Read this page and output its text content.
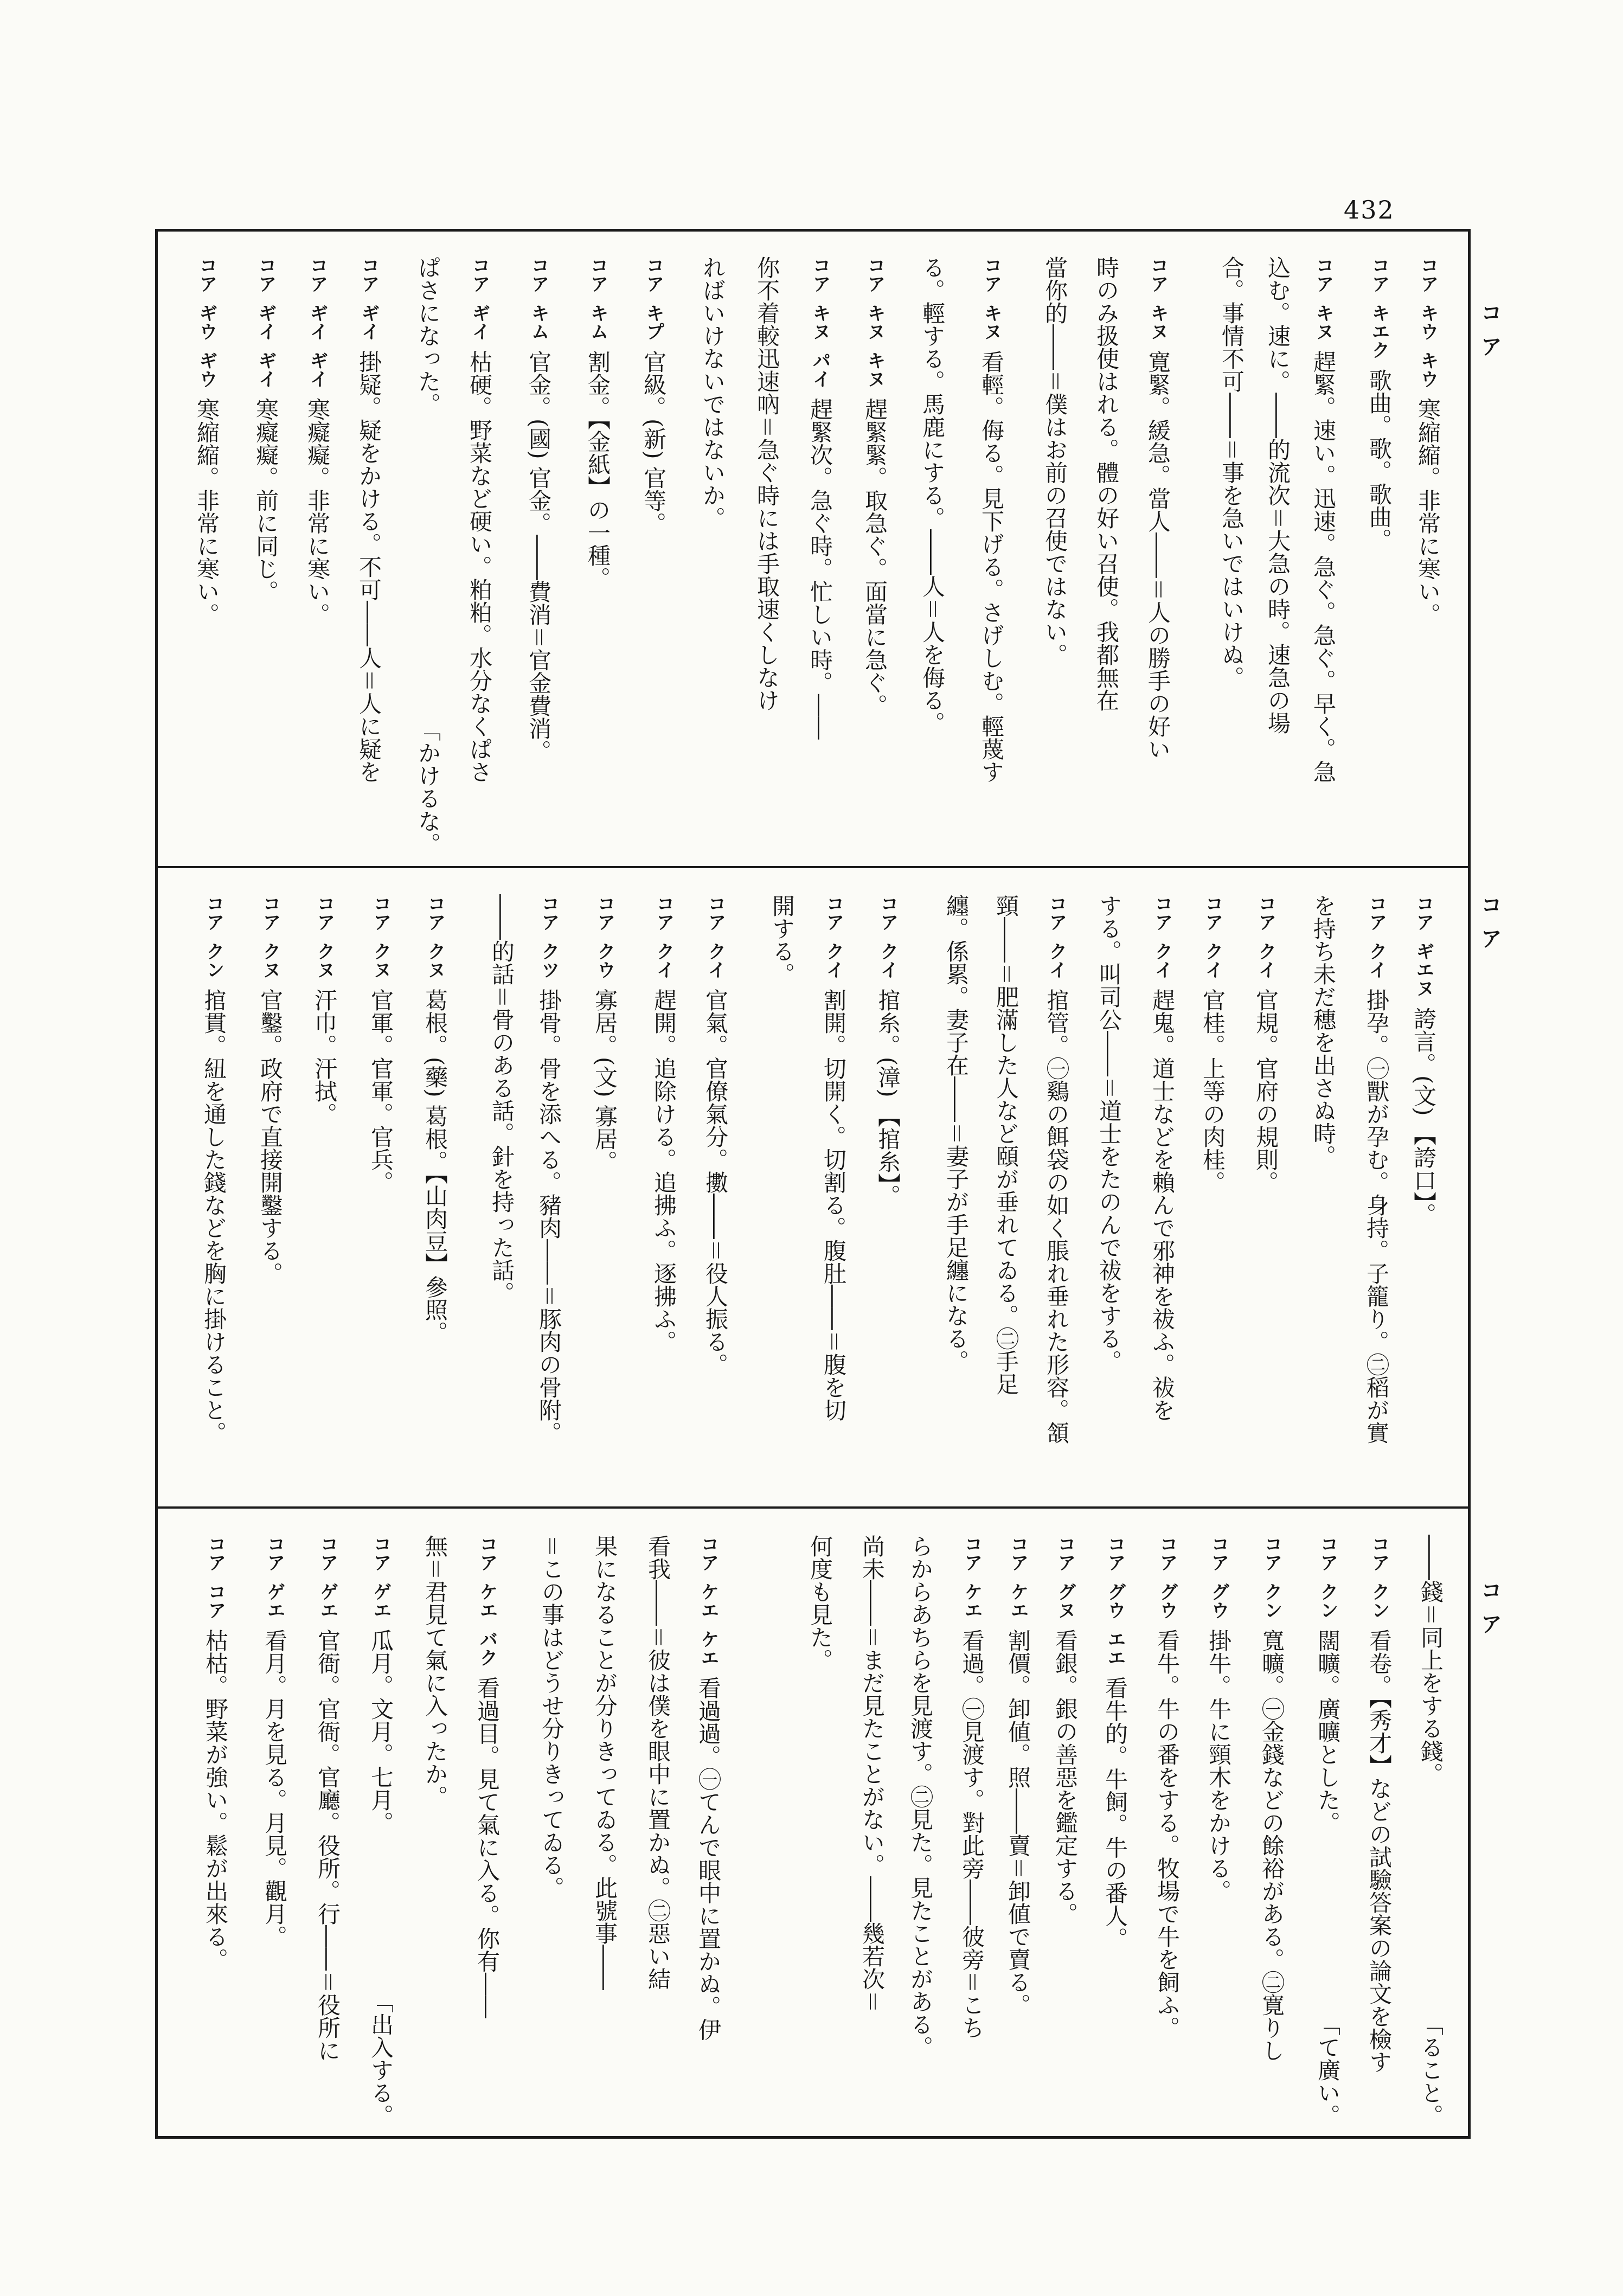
432
コア
コア
コア
コア キウ キウ寒縮縮。非常に寒い。
コア キエク歌曲。歌。歌曲。
コア キヌ趕緊。速い。迅速。急ぐ。急ぐ。早く。急
込む。速に。――的流次＝大急の時。速急の場
合。事情不可――＝事を急いではいけぬ。
コア キヌ寛緊。緩急。當人――＝人の勝手の好い
時のみ扱使はれる。體の好い召使。我都無在
當你的――＝僕はお前の召使ではない。
コア キヌ看輕。侮る。見下げる。さげしむ。輕蔑す
る。輕する。馬鹿にする。――人＝人を侮る。
コア キヌ キヌ趕緊緊。取急ぐ。面當に急ぐ。
コア キヌ パイ趕緊次。急ぐ時。忙しい時。――
你不着較迅速吶＝急ぐ時には手取速くしなけ
ればいけないではないか。
コア キプ官級。(新) 官等。
コア キム割金。【金紙】の一種。
コア キム官金。(國) 官金。――費消＝官金費消。
コア ギイ枯硬。野菜など硬い。粕粕。水分なくぱさ
ぱさになった。
「かけるな。
コア ギイ掛疑。疑をかける。不可――人＝人に疑を
コア ギイ ギイ寒癡癡。非常に寒い。
コア ギイ ギイ寒癡癡。前に同じ。
コア ギウ ギウ寒縮縮。非常に寒い。
コア ギエヌ誇言。(文) 【誇口】。
コア クイ掛孕。㊀獸が孕む。身持。子籠り。㊁稻が實
を持ち未だ穗を出さぬ時。
コア クイ官規。官府の規則。
コア クイ官桂。上等の肉桂。
コア クイ趕鬼。道士などを賴んで邪神を祓ふ。祓を
する。叫司公――＝道士をたのんで祓をする。
コア クイ捾管。㊀鷄の餌袋の如く脹れ垂れた形容。頷
頸――＝肥滿した人など頤が垂れてゐる。㊁手足
纏。係累。妻子在――＝妻子が手足纏になる。
コア クイ捾糸。(漳) 【捾糸】。
コア クイ割開。切開く。切割る。腹肚――＝腹を切
開する。
コア クイ官氣。官僚氣分。擻――＝役人振る。
コア クイ趕開。追除ける。追拂ふ。逐拂ふ。
コア クウ寡居。(文) 寡居。
コア クツ掛骨。骨を添へる。豬肉――＝豚肉の骨附。
――的話＝骨のある話。針を持った話。
コア クヌ葛根。(藥) 葛根。【山肉豆】參照。
コア クヌ官軍。官軍。官兵。
コア クヌ汗巾。汗拭。
コア クヌ官鑿。政府で直接開鑿する。
コア クン捾貫。紐を通した錢などを胸に掛けること。
――錢＝同上をする錢。
「ること。
コア クン看卷。【秀才】などの試驗答案の論文を檢す
コア クン闊曠。廣曠とした。
「て廣い。
コア クン寬曠。㊀金錢などの餘裕がある。㊁寛りし
コア グウ掛牛。牛に頸木をかける。
コア グウ看牛。牛の番をする。牧場で牛を飼ふ。
コア グウ エエ看牛的。牛飼。牛の番人。
コア グヌ看銀。銀の善惡を鑑定する。
コア ケエ割價。卸値。照――賣＝卸値で賣る。
コア ケエ看過。㊀見渡す。對此旁――彼旁＝こち
らからあちらを見渡す。㊁見た。見たことがある。
尚未――＝まだ見たことがない。――幾若次＝
何度も見た。
コア ケエ ケエ看過過。㊀てんで眼中に置かぬ。伊
看我――＝彼は僕を眼中に置かぬ。㊁惡い結
果になることが分りきってゐる。此號事――
＝この事はどうせ分りきってゐる。
コア ケエ バク看過目。見て氣に入る。你有――
無＝君見て氣に入ったか。
コア ゲエ瓜月。文月。七月。
「出入する。
コア ゲエ官衙。官衙。官廳。役所。行――＝役所に
コア ゲエ看月。月を見る。月見。觀月。
コア コア枯枯。野菜が強い。鬆が出來る。
